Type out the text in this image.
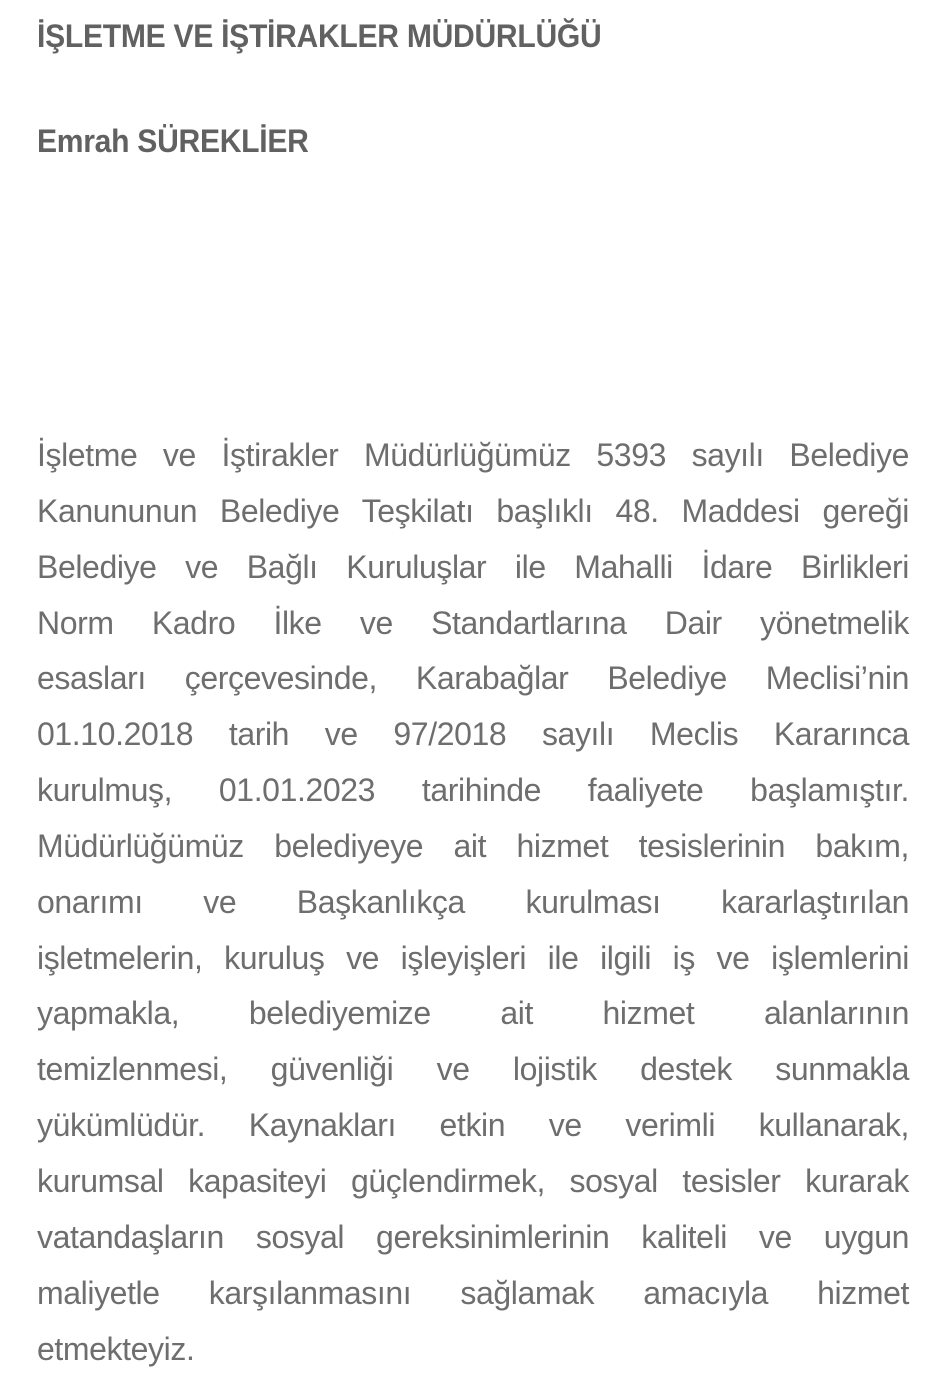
İŞLETME VE İŞTİRAKLER MÜDÜRLÜĞÜ
Emrah SÜREKLİER
İşletme ve İştirakler Müdürlüğümüz 5393 sayılı Belediye
Kanununun Belediye Teşkilatı başlıklı 48. Maddesi gereği
Belediye ve Bağlı Kuruluşlar ile Mahalli İdare Birlikleri
Norm Kadro İlke ve Standartlarına Dair yönetmelik
esasları çerçevesinde, Karabağlar Belediye Meclisi’nin
01.10.2018 tarih ve 97/2018 sayılı Meclis Kararınca
kurulmuş, 01.01.2023 tarihinde faaliyete başlamıştır.
Müdürlüğümüz belediyeye ait hizmet tesislerinin bakım,
onarımı ve Başkanlıkça kurulması kararlaştırılan
işletmelerin, kuruluş ve işleyişleri ile ilgili iş ve işlemlerini
yapmakla, belediyemize ait hizmet alanlarının
temizlenmesi, güvenliği ve lojistik destek sunmakla
yükümlüdür. Kaynakları etkin ve verimli kullanarak,
kurumsal kapasiteyi güçlendirmek, sosyal tesisler kurarak
vatandaşların sosyal gereksinimlerinin kaliteli ve uygun
maliyetle karşılanmasını sağlamak amacıyla hizmet
etmekteyiz.
